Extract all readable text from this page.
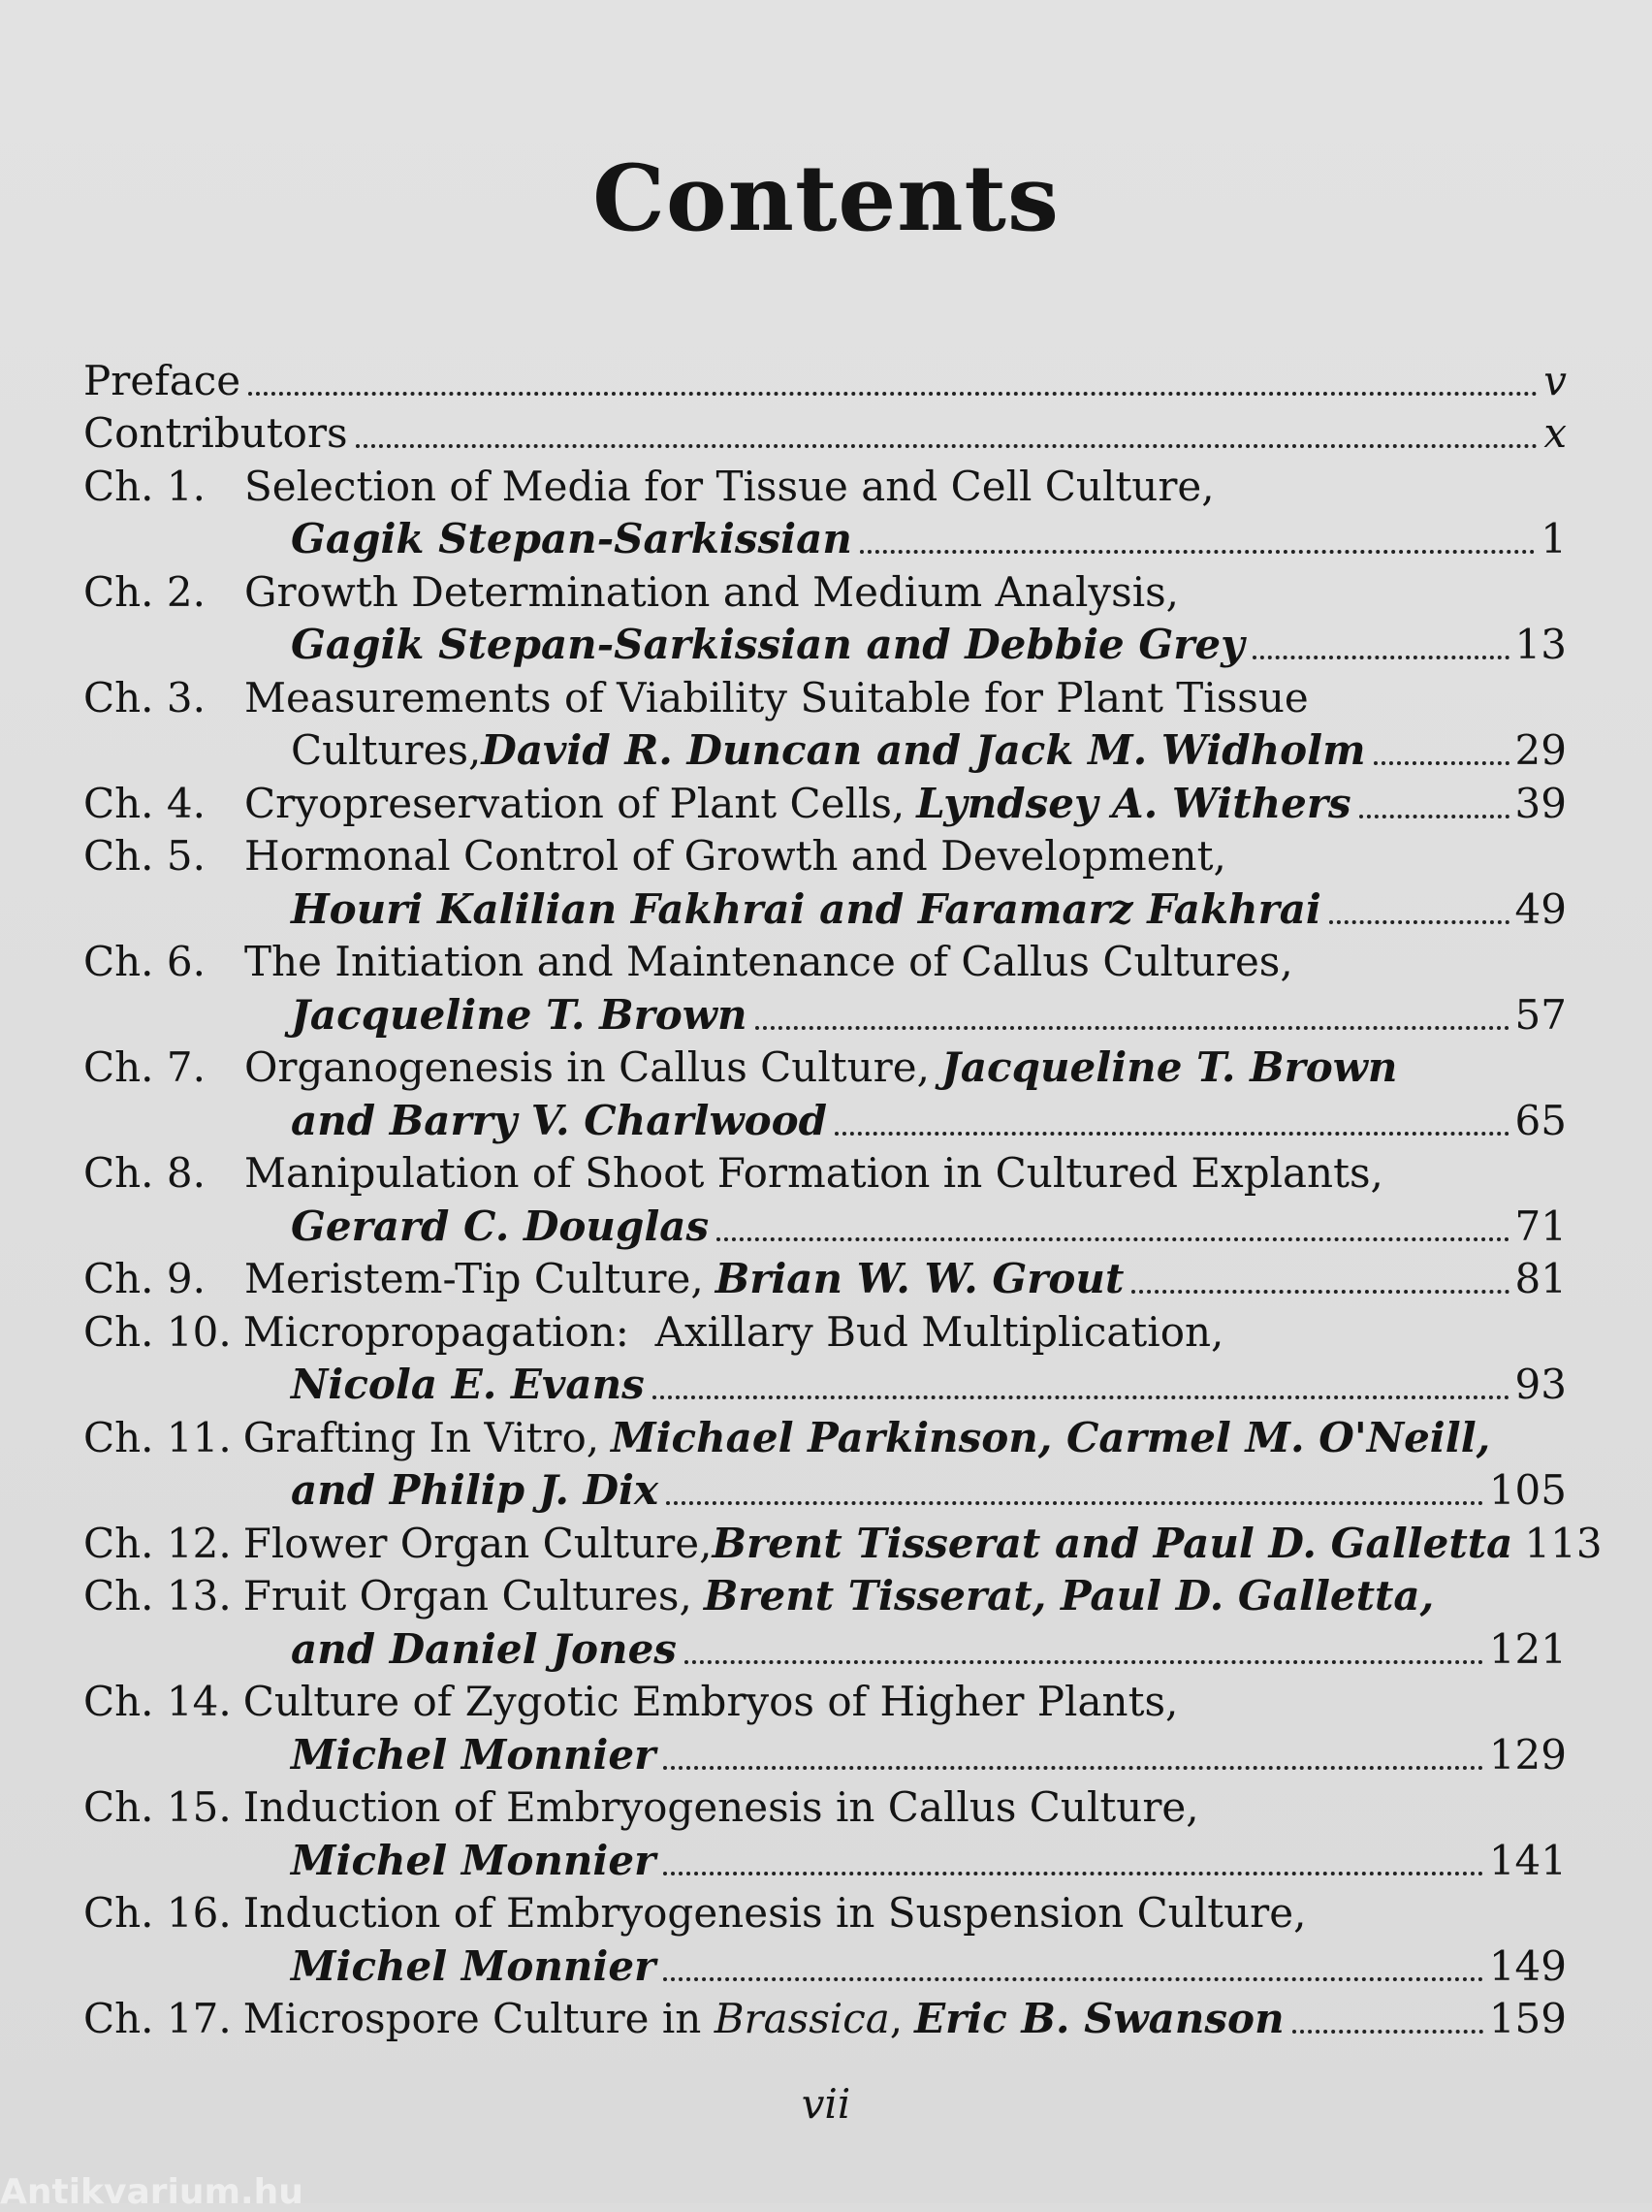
Contents
Preface	v
Contributors	x
Ch. 1. Selection of Media for Tissue and Cell Culture,
Gagik Stepan-Sarkissian	1
Ch. 2. Growth Determination and Medium Analysis,
Gagik Stepan-Sarkissian and Debbie Grey	13
Ch. 3. Measurements of Viability Suitable for Plant Tissue
Cultures, David R. Duncan and Jack M. Widholm	29
Ch. 4. Cryopreservation of Plant Cells, Lyndsey A. Withers	39
Ch. 5. Hormonal Control of Growth and Development,
Houri Kalilian Fakhrai and Faramarz Fakhrai	49
Ch. 6. The Initiation and Maintenance of Callus Cultures,
Jacqueline T. Brown	57
Ch. 7. Organogenesis in Callus Culture, Jacqueline T. Brown
and Barry V. Charlwood	65
Ch. 8. Manipulation of Shoot Formation in Cultured Explants,
Gerard C. Douglas	71
Ch. 9. Meristem-Tip Culture, Brian W. W. Grout	81
Ch. 10. Micropropagation:  Axillary Bud Multiplication,
Nicola E. Evans	93
Ch. 11. Grafting In Vitro, Michael Parkinson, Carmel M. O'Neill,
and Philip J. Dix	105
Ch. 12. Flower Organ Culture, Brent Tisserat and Paul D. Galletta 113
Ch. 13. Fruit Organ Cultures, Brent Tisserat, Paul D. Galletta,
and Daniel Jones	121
Ch. 14. Culture of Zygotic Embryos of Higher Plants,
Michel Monnier	129
Ch. 15. Induction of Embryogenesis in Callus Culture,
Michel Monnier	141
Ch. 16. Induction of Embryogenesis in Suspension Culture,
Michel Monnier	149
Ch. 17. Microspore Culture in Brassica , Eric B. Swanson	159
vii
Antikvarium.hu
